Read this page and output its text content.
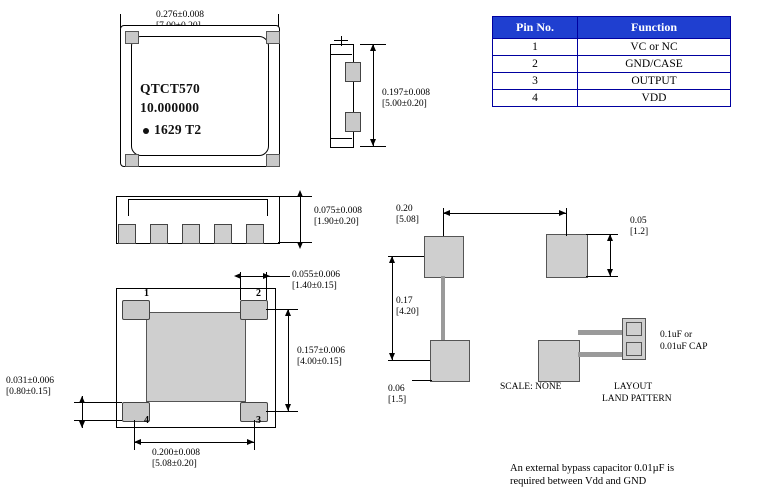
0.276±0.008
QTCT570
10.000000
1629 T2
0.197±0.008
[5.00±0.20]
0.075±0.008
[1.90±0.20]
1	2
3
4
0.055±0.006
[1.40±0.15]
0.157±0.006
[4.00±0.15]
0.031±0.006
[0.80±0.15]
0.200±0.008
[5.08±0.20]
0.20
[5.08]	0.05
[1.2]
0.17
[4.20]
0.06
[1.5]
SCALE: NONE	LAYOUT
LAND PATTERN
0.1uF or
0.01uF CAP
Pin No.	Function
1	VC or NC
2	GND/CASE
3	OUTPUT
4	VDD
An external bypass capacitor 0.01µF is
required between Vdd and GND
